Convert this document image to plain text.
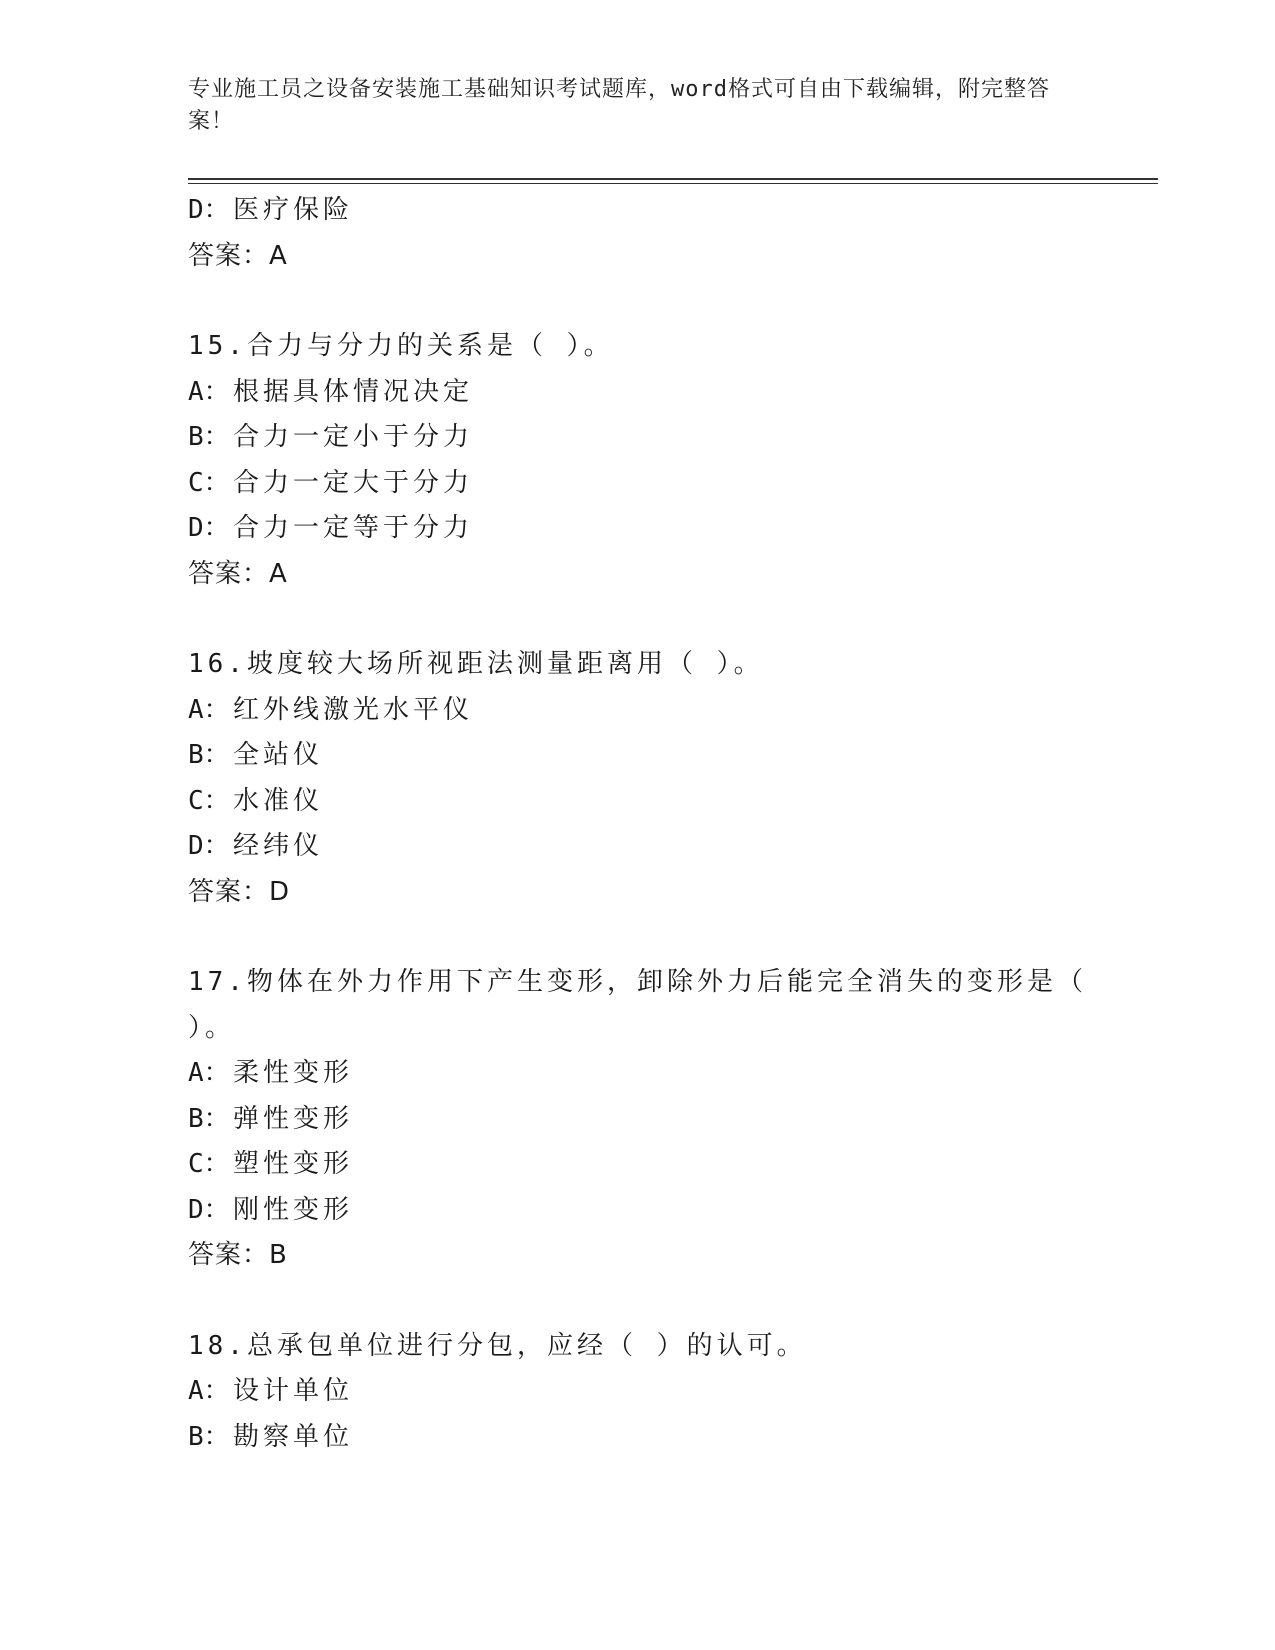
专业施工员之设备安装施工基础知识考试题库，word格式可自由下载编辑，附完整答案！
D： 医疗保险
答案：A
15.合力与分力的关系是（ ）。
A： 根据具体情况决定
B： 合力一定小于分力
C： 合力一定大于分力
D： 合力一定等于分力
答案：A
16.坡度较大场所视距法测量距离用（ ）。
A： 红外线激光水平仪
B： 全站仪
C： 水准仪
D： 经纬仪
答案：D
17.物体在外力作用下产生变形，卸除外力后能完全消失的变形是（
）。
A： 柔性变形
B： 弹性变形
C： 塑性变形
D： 刚性变形
答案：B
18.总承包单位进行分包，应经（ ）的认可。
A： 设计单位
B： 勘察单位
